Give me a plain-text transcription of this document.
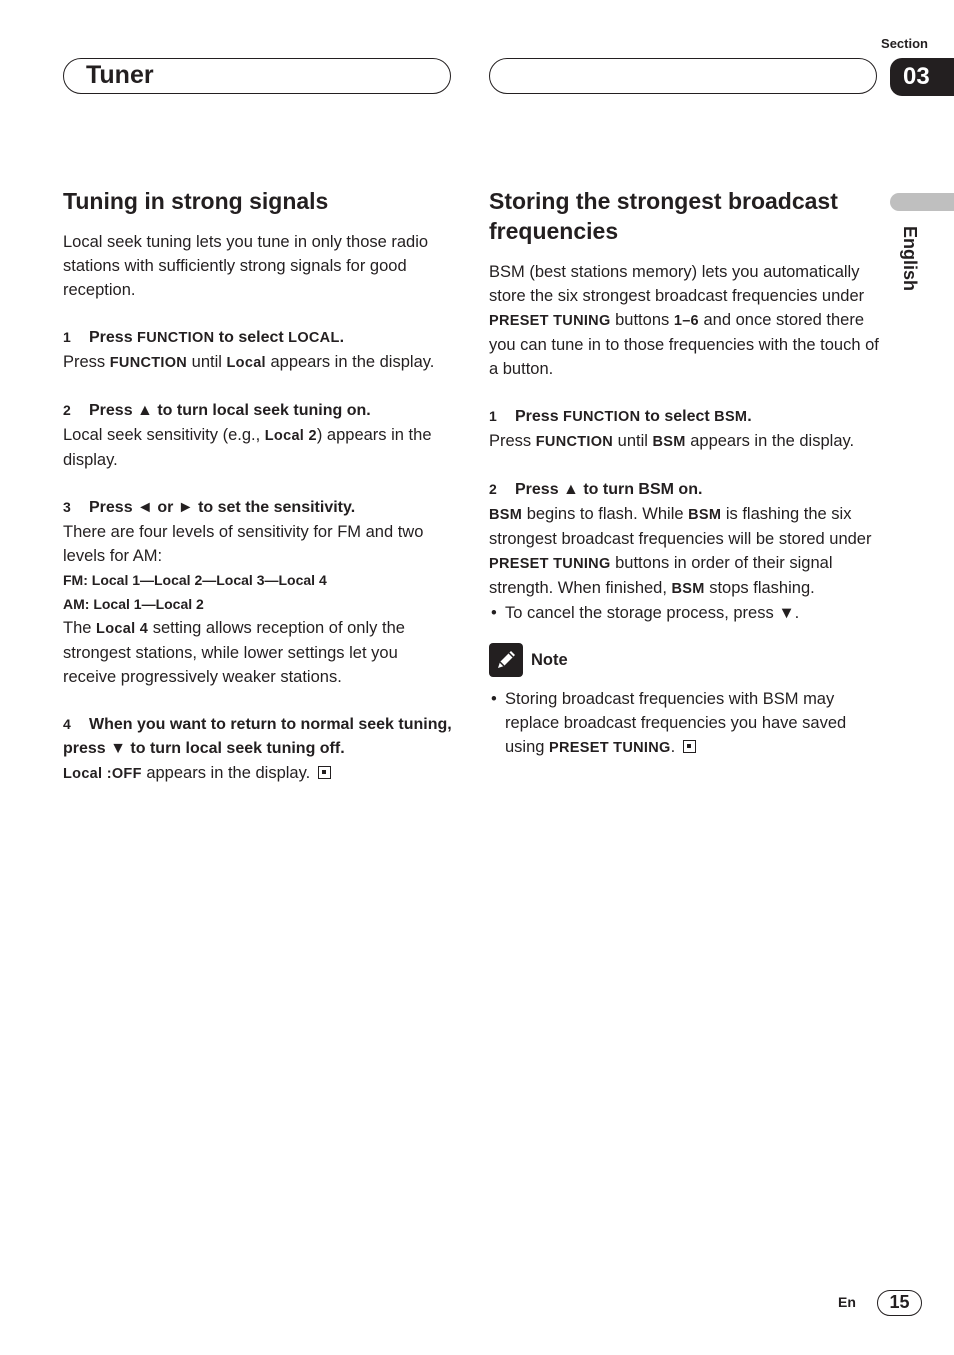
Section
Tuner	03
English
Tuning in strong signals

Local seek tuning lets you tune in only those radio stations with sufficiently strong signals for good reception.

1 Press FUNCTION to select LOCAL.

Press FUNCTION until Local appears in the display.

2 Press ▲ to turn local seek tuning on.

Local seek sensitivity (e.g., Local 2) appears in the display.

3 Press ◄ or ► to set the sensitivity.

There are four levels of sensitivity for FM and two levels for AM:

FM: Local 1—Local 2—Local 3—Local 4

AM: Local 1—Local 2

The Local 4 setting allows reception of only the strongest stations, while lower settings let you receive progressively weaker stations.

4 When you want to return to normal seek tuning, press ▼ to turn local seek tuning off.

Local :OFF appears in the display.

Storing the strongest broadcast frequencies

BSM (best stations memory) lets you automatically store the six strongest broadcast frequencies under PRESET TUNING buttons 1–6 and once stored there you can tune in to those frequencies with the touch of a button.

1 Press FUNCTION to select BSM.

Press FUNCTION until BSM appears in the display.

2 Press ▲ to turn BSM on.

BSM begins to flash. While BSM is flashing the six strongest broadcast frequencies will be stored under PRESET TUNING buttons in order of their signal strength. When finished, BSM stops flashing.

• To cancel the storage process, press ▼.

Note

• Storing broadcast frequencies with BSM may replace broadcast frequencies you have saved using PRESET TUNING.

En	15
